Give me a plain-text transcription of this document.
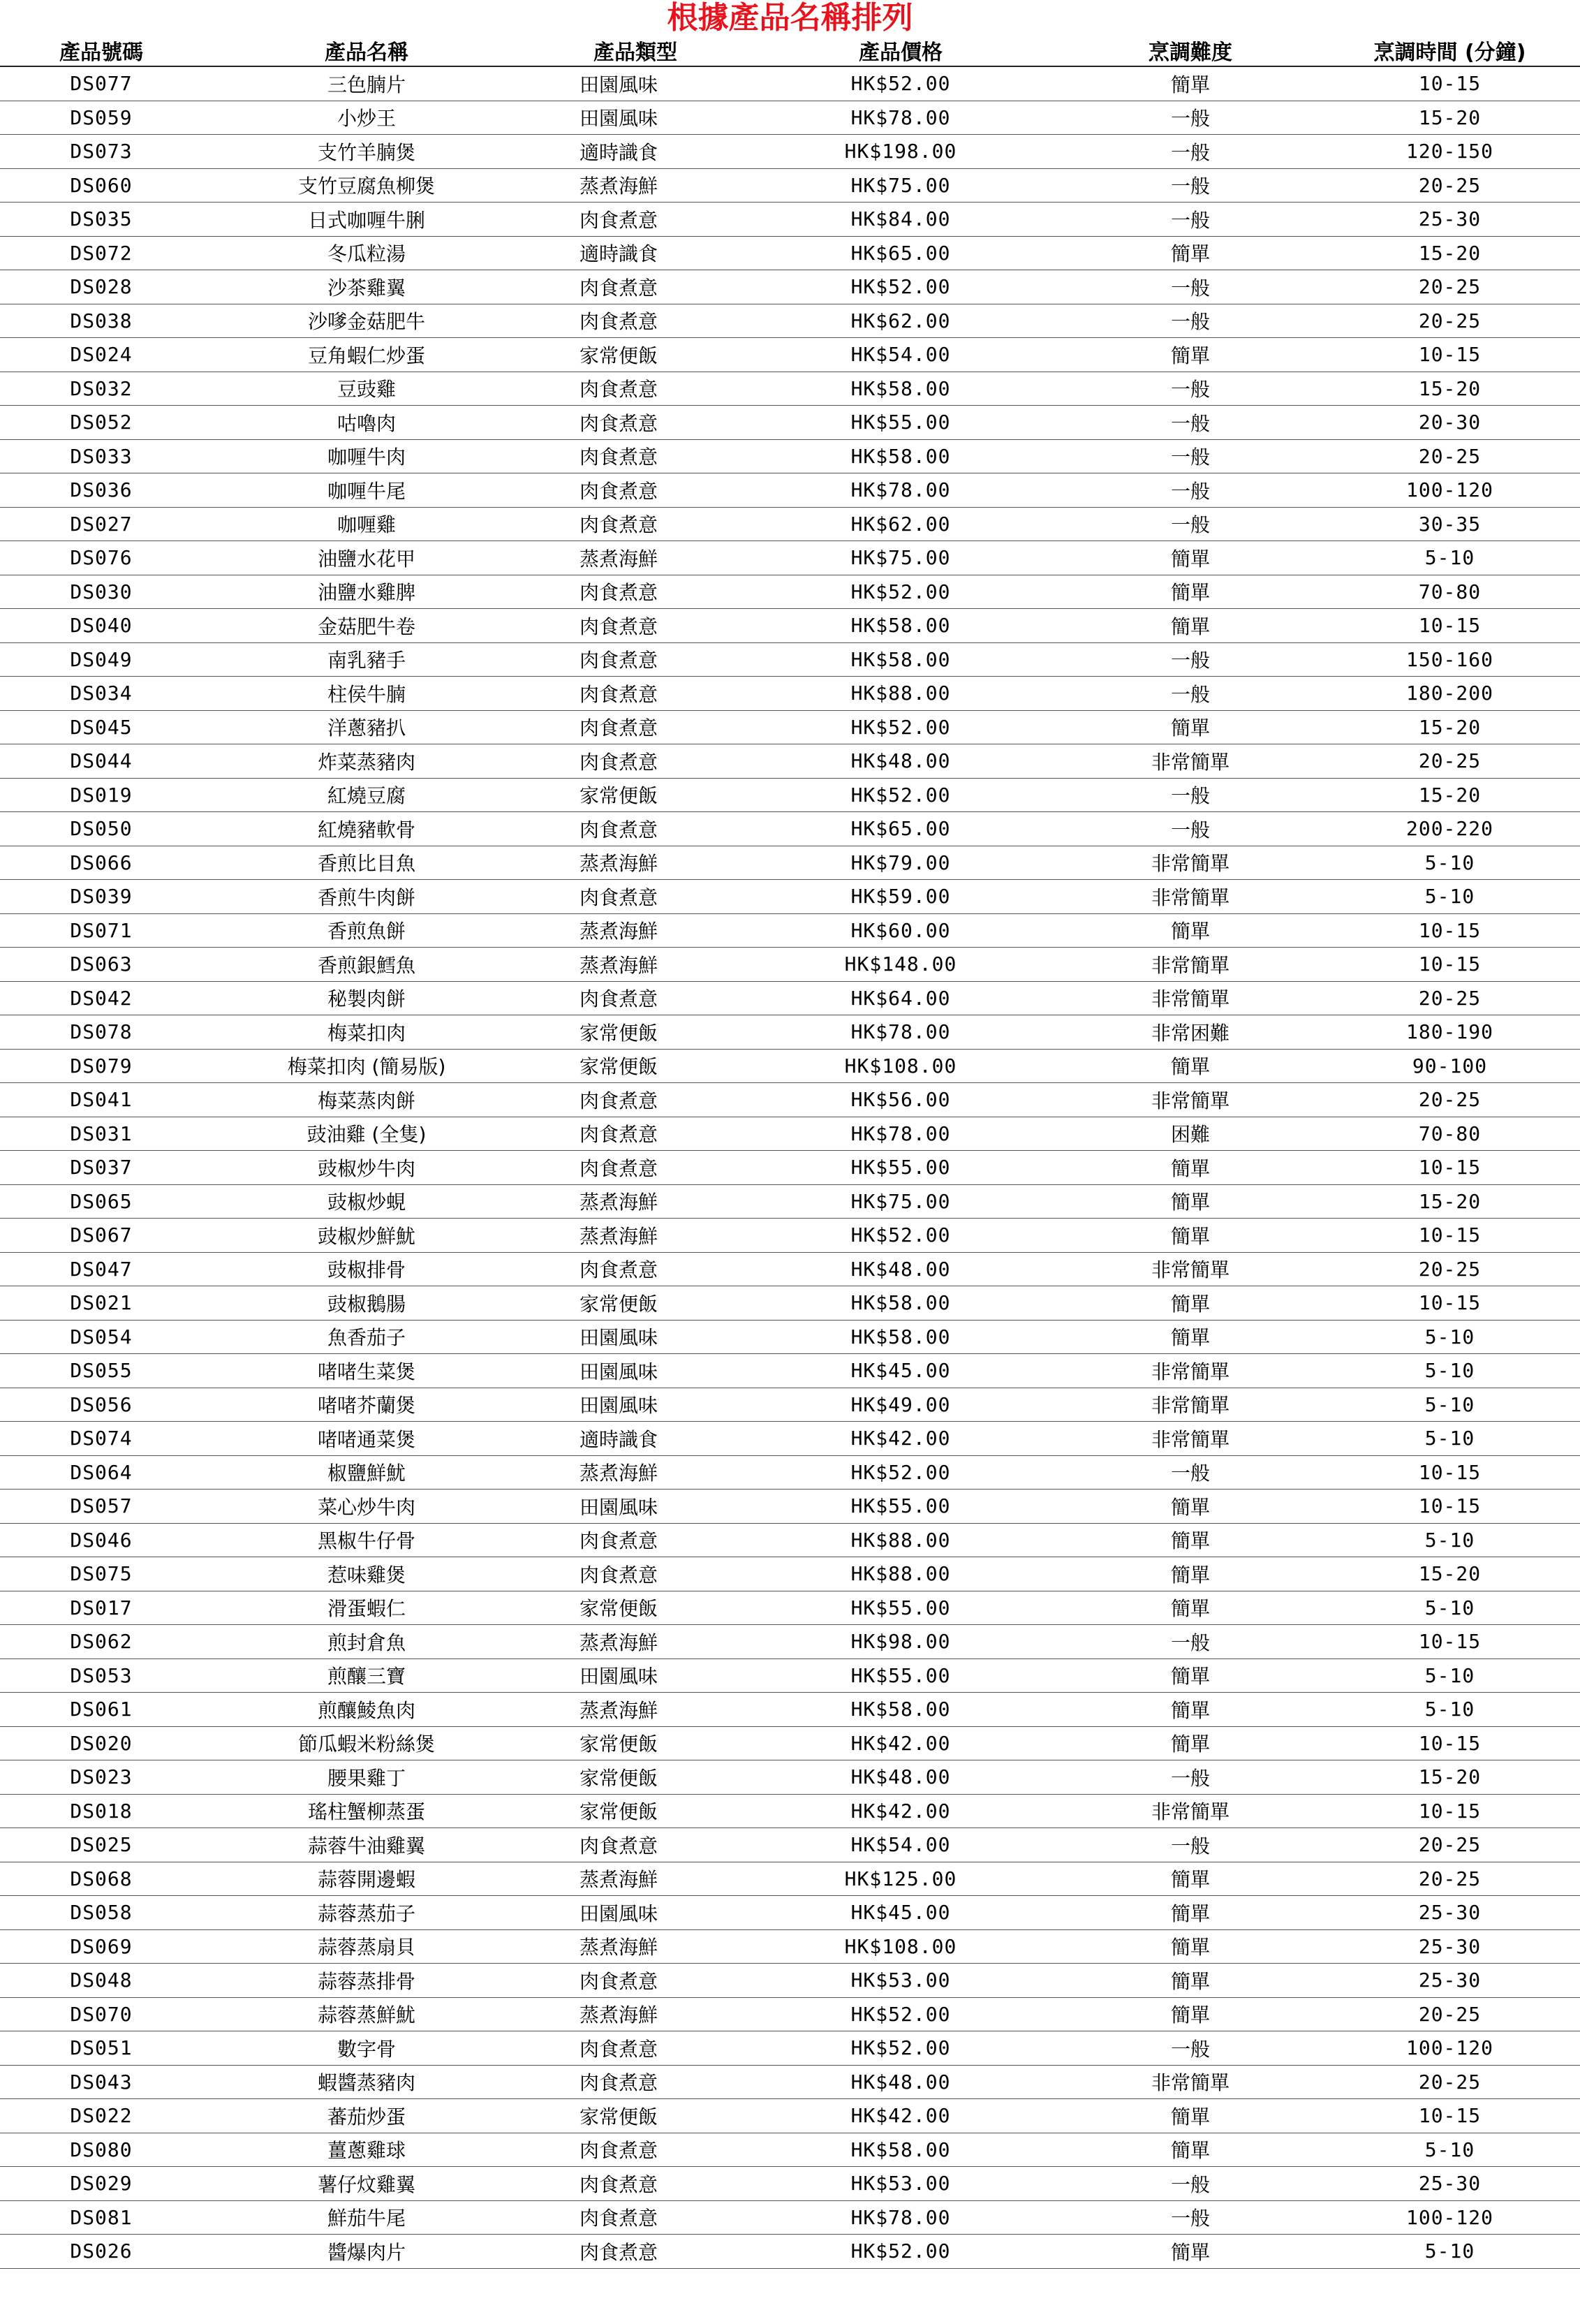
根據產品名稱排列
產品號碼	產品名稱	產品類型	產品價格	烹調難度	烹調時間 (分鐘)
DS077	三色腩片	田園風味	HK$52.00	簡單	10-15
DS059	小炒王	田園風味	HK$78.00	一般	15-20
DS073	支竹羊腩煲	適時識食	HK$198.00	一般	120-150
DS060	支竹豆腐魚柳煲	蒸煮海鮮	HK$75.00	一般	20-25
DS035	日式咖喱牛脷	肉食煮意	HK$84.00	一般	25-30
DS072	冬瓜粒湯	適時識食	HK$65.00	簡單	15-20
DS028	沙茶雞翼	肉食煮意	HK$52.00	一般	20-25
DS038	沙嗲金菇肥牛	肉食煮意	HK$62.00	一般	20-25
DS024	豆角蝦仁炒蛋	家常便飯	HK$54.00	簡單	10-15
DS032	豆豉雞	肉食煮意	HK$58.00	一般	15-20
DS052	咕嚕肉	肉食煮意	HK$55.00	一般	20-30
DS033	咖喱牛肉	肉食煮意	HK$58.00	一般	20-25
DS036	咖喱牛尾	肉食煮意	HK$78.00	一般	100-120
DS027	咖喱雞	肉食煮意	HK$62.00	一般	30-35
DS076	油鹽水花甲	蒸煮海鮮	HK$75.00	簡單	5-10
DS030	油鹽水雞脾	肉食煮意	HK$52.00	簡單	70-80
DS040	金菇肥牛卷	肉食煮意	HK$58.00	簡單	10-15
DS049	南乳豬手	肉食煮意	HK$58.00	一般	150-160
DS034	柱侯牛腩	肉食煮意	HK$88.00	一般	180-200
DS045	洋蔥豬扒	肉食煮意	HK$52.00	簡單	15-20
DS044	炸菜蒸豬肉	肉食煮意	HK$48.00	非常簡單	20-25
DS019	紅燒豆腐	家常便飯	HK$52.00	一般	15-20
DS050	紅燒豬軟骨	肉食煮意	HK$65.00	一般	200-220
DS066	香煎比目魚	蒸煮海鮮	HK$79.00	非常簡單	5-10
DS039	香煎牛肉餅	肉食煮意	HK$59.00	非常簡單	5-10
DS071	香煎魚餅	蒸煮海鮮	HK$60.00	簡單	10-15
DS063	香煎銀鱈魚	蒸煮海鮮	HK$148.00	非常簡單	10-15
DS042	秘製肉餅	肉食煮意	HK$64.00	非常簡單	20-25
DS078	梅菜扣肉	家常便飯	HK$78.00	非常困難	180-190
DS079	梅菜扣肉 (簡易版)	家常便飯	HK$108.00	簡單	90-100
DS041	梅菜蒸肉餅	肉食煮意	HK$56.00	非常簡單	20-25
DS031	豉油雞 (全隻)	肉食煮意	HK$78.00	困難	70-80
DS037	豉椒炒牛肉	肉食煮意	HK$55.00	簡單	10-15
DS065	豉椒炒蜆	蒸煮海鮮	HK$75.00	簡單	15-20
DS067	豉椒炒鮮魷	蒸煮海鮮	HK$52.00	簡單	10-15
DS047	豉椒排骨	肉食煮意	HK$48.00	非常簡單	20-25
DS021	豉椒鵝腸	家常便飯	HK$58.00	簡單	10-15
DS054	魚香茄子	田園風味	HK$58.00	簡單	5-10
DS055	啫啫生菜煲	田園風味	HK$45.00	非常簡單	5-10
DS056	啫啫芥蘭煲	田園風味	HK$49.00	非常簡單	5-10
DS074	啫啫通菜煲	適時識食	HK$42.00	非常簡單	5-10
DS064	椒鹽鮮魷	蒸煮海鮮	HK$52.00	一般	10-15
DS057	菜心炒牛肉	田園風味	HK$55.00	簡單	10-15
DS046	黑椒牛仔骨	肉食煮意	HK$88.00	簡單	5-10
DS075	惹味雞煲	肉食煮意	HK$88.00	簡單	15-20
DS017	滑蛋蝦仁	家常便飯	HK$55.00	簡單	5-10
DS062	煎封倉魚	蒸煮海鮮	HK$98.00	一般	10-15
DS053	煎釀三寶	田園風味	HK$55.00	簡單	5-10
DS061	煎釀鯪魚肉	蒸煮海鮮	HK$58.00	簡單	5-10
DS020	節瓜蝦米粉絲煲	家常便飯	HK$42.00	簡單	10-15
DS023	腰果雞丁	家常便飯	HK$48.00	一般	15-20
DS018	瑤柱蟹柳蒸蛋	家常便飯	HK$42.00	非常簡單	10-15
DS025	蒜蓉牛油雞翼	肉食煮意	HK$54.00	一般	20-25
DS068	蒜蓉開邊蝦	蒸煮海鮮	HK$125.00	簡單	20-25
DS058	蒜蓉蒸茄子	田園風味	HK$45.00	簡單	25-30
DS069	蒜蓉蒸扇貝	蒸煮海鮮	HK$108.00	簡單	25-30
DS048	蒜蓉蒸排骨	肉食煮意	HK$53.00	簡單	25-30
DS070	蒜蓉蒸鮮魷	蒸煮海鮮	HK$52.00	簡單	20-25
DS051	數字骨	肉食煮意	HK$52.00	一般	100-120
DS043	蝦醬蒸豬肉	肉食煮意	HK$48.00	非常簡單	20-25
DS022	蕃茄炒蛋	家常便飯	HK$42.00	簡單	10-15
DS080	薑蔥雞球	肉食煮意	HK$58.00	簡單	5-10
DS029	薯仔炆雞翼	肉食煮意	HK$53.00	一般	25-30
DS081	鮮茄牛尾	肉食煮意	HK$78.00	一般	100-120
DS026	醬爆肉片	肉食煮意	HK$52.00	簡單	5-10
